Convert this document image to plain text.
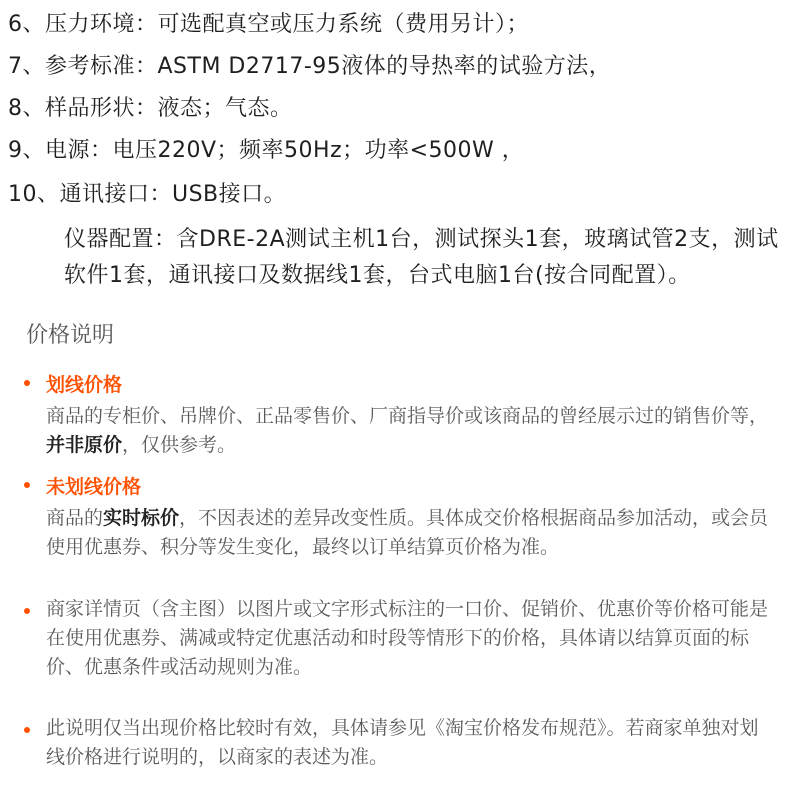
6、压力环境：可选配真空或压力系统（费用另计）；
7、参考标准：ASTM D2717-95液体的导热率的试验方法，
8、样品形状：液态；气态。
9、电源：电压220V；频率50Hz；功率<500W ，
10、通讯接口：USB接口。
仪器配置：含DRE-2A测试主机1台，测试探头1套，玻璃试管2支，测试
软件1套，通讯接口及数据线1套，台式电脑1台(按合同配置）。
价格说明
划线价格
商品的专柜价、吊牌价、正品零售价、厂商指导价或该商品的曾经展示过的销售价等，并非原价，仅供参考。
未划线价格
商品的实时标价，不因表述的差异改变性质。具体成交价格根据商品参加活动，或会员使用优惠券、积分等发生变化，最终以订单结算页价格为准。
商家详情页（含主图）以图片或文字形式标注的一口价、促销价、优惠价等价格可能是在使用优惠券、满减或特定优惠活动和时段等情形下的价格，具体请以结算页面的标价、优惠条件或活动规则为准。
此说明仅当出现价格比较时有效，具体请参见《淘宝价格发布规范》。若商家单独对划线价格进行说明的，以商家的表述为准。
